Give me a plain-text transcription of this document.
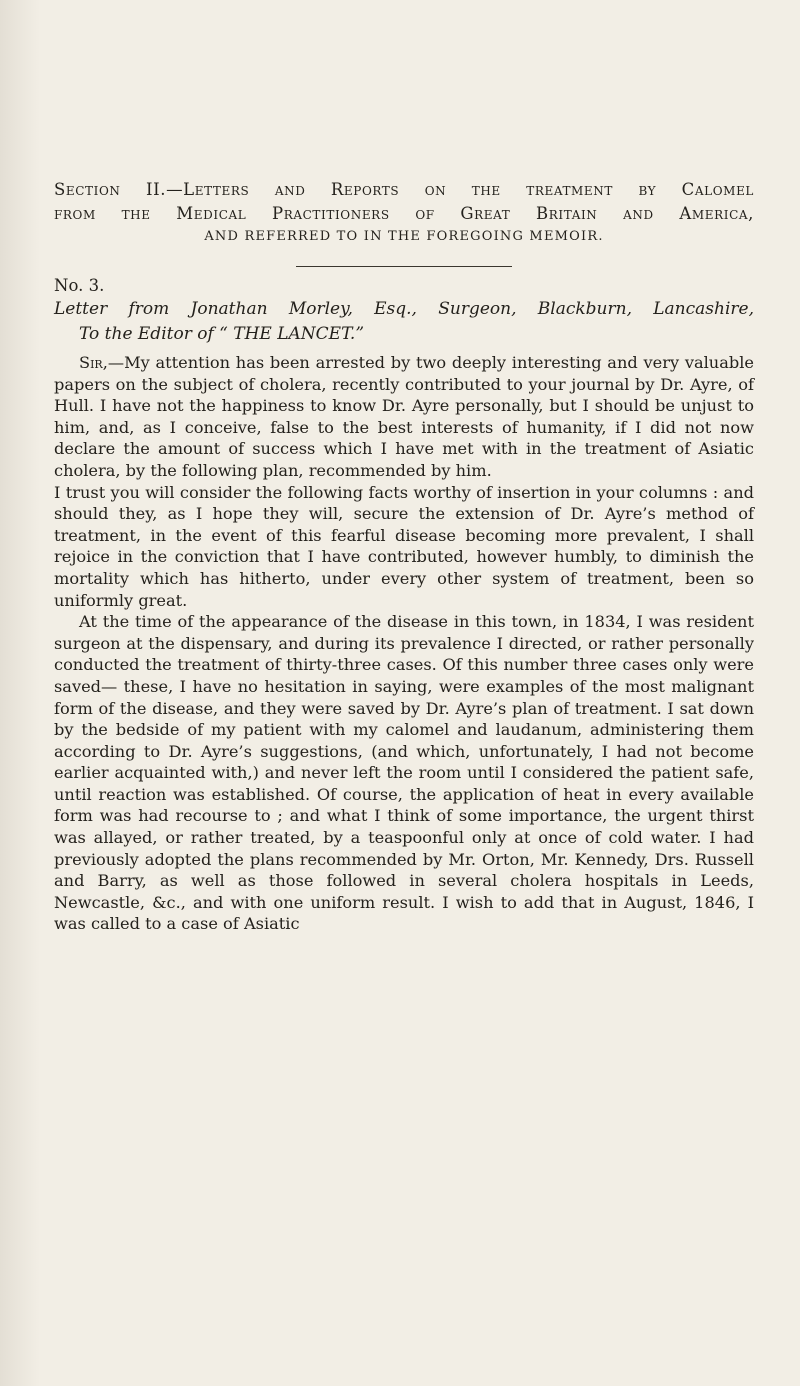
Section II.—Letters and Reports on the treatment by Calomel
from the Medical Practitioners of Great Britain and America,
AND REFERRED TO IN THE FOREGOING MEMOIR.
No. 3.
Letter from Jonathan Morley, Esq., Surgeon, Blackburn, Lancashire,
To the Editor of “ THE LANCET.”

Sir,—My attention has been arrested by two deeply interesting and very valuable papers on the subject of cholera, recently contributed to your journal by Dr. Ayre, of Hull. I have not the happiness to know Dr. Ayre personally, but I should be unjust to him, and, as I conceive, false to the best interests of humanity, if I did not now declare the amount of success which I have met with in the treatment of Asiatic cholera, by the following plan, recommended by him.

I trust you will consider the following facts worthy of insertion in your columns : and should they, as I hope they will, secure the extension of Dr. Ayre’s method of treatment, in the event of this fearful disease becoming more prevalent, I shall rejoice in the conviction that I have contributed, however humbly, to diminish the mortality which has hitherto, under every other system of treatment, been so uniformly great.

At the time of the appearance of the disease in this town, in 1834, I was resident surgeon at the dispensary, and during its prevalence I directed, or rather personally conducted the treatment of thirty-three cases. Of this number three cases only were saved— these, I have no hesitation in saying, were examples of the most malignant form of the disease, and they were saved by Dr. Ayre’s plan of treatment. I sat down by the bedside of my patient with my calomel and laudanum, administering them according to Dr. Ayre’s suggestions, (and which, unfortunately, I had not become earlier acquainted with,) and never left the room until I considered the patient safe, until reaction was established. Of course, the application of heat in every available form was had recourse to ; and what I think of some importance, the urgent thirst was allayed, or rather treated, by a teaspoonful only at once of cold water. I had previously adopted the plans recommended by Mr. Orton, Mr. Kennedy, Drs. Russell and Barry, as well as those followed in several cholera hospitals in Leeds, Newcastle, &c., and with one uniform result. I wish to add that in August, 1846, I was called to a case of Asiatic
